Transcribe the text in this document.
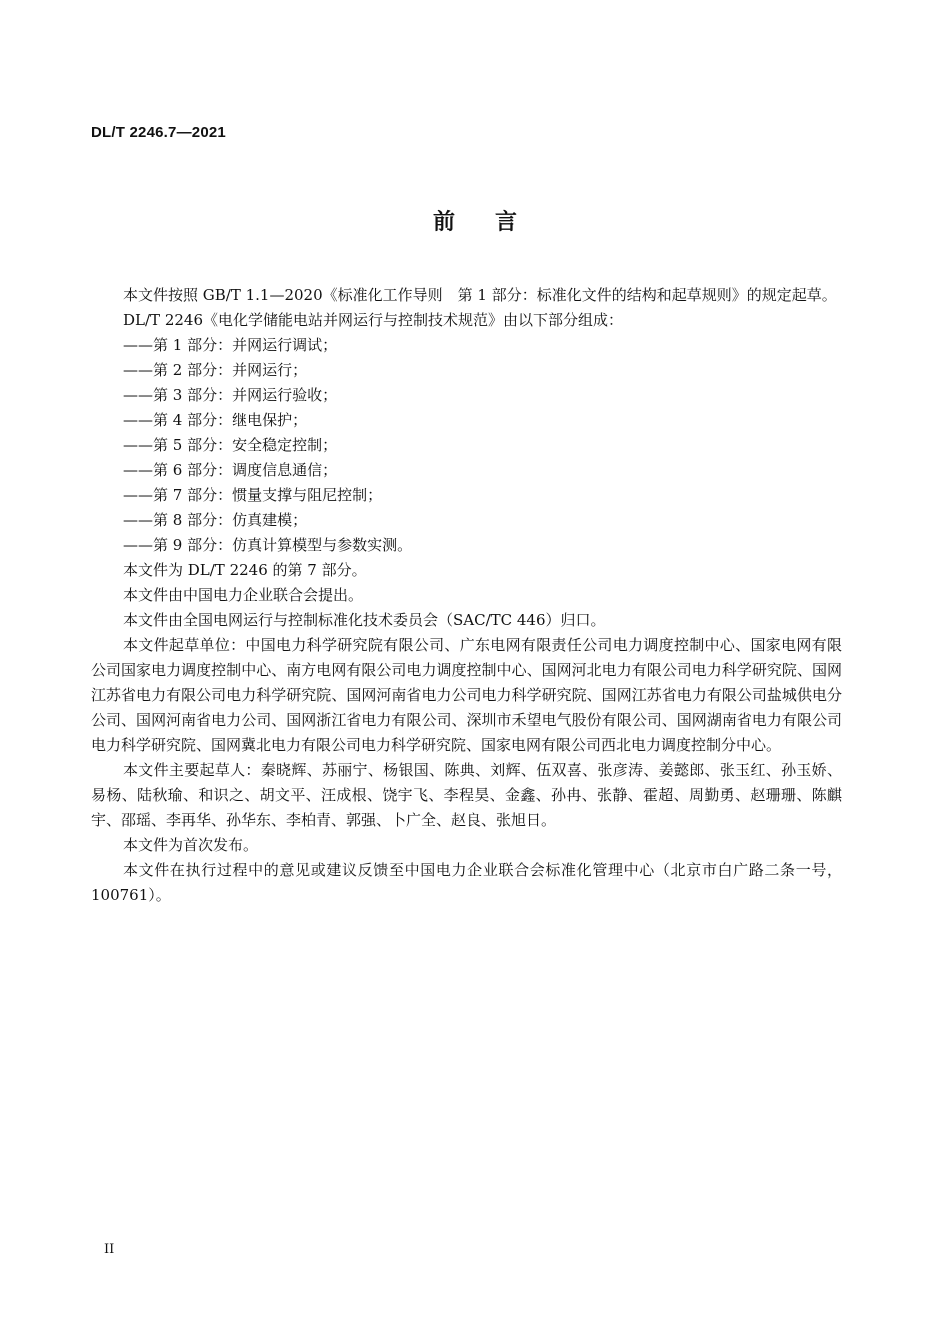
DL/T 2246.7—2021
前言

本文件按照 GB/T 1.1—2020《标准化工作导则　第 1 部分：标准化文件的结构和起草规则》的规定起草。

DL/T 2246《电化学储能电站并网运行与控制技术规范》由以下部分组成：

——第 1 部分：并网运行调试；

——第 2 部分：并网运行；

——第 3 部分：并网运行验收；

——第 4 部分：继电保护；

——第 5 部分：安全稳定控制；

——第 6 部分：调度信息通信；

——第 7 部分：惯量支撑与阻尼控制；

——第 8 部分：仿真建模；

——第 9 部分：仿真计算模型与参数实测。

本文件为 DL/T 2246 的第 7 部分。

本文件由中国电力企业联合会提出。

本文件由全国电网运行与控制标准化技术委员会（SAC/TC 446）归口。

本文件起草单位：中国电力科学研究院有限公司、广东电网有限责任公司电力调度控制中心、国家电网有限公司国家电力调度控制中心、南方电网有限公司电力调度控制中心、国网河北电力有限公司电力科学研究院、国网江苏省电力有限公司电力科学研究院、国网河南省电力公司电力科学研究院、国网江苏省电力有限公司盐城供电分公司、国网河南省电力公司、国网浙江省电力有限公司、深圳市禾望电气股份有限公司、国网湖南省电力有限公司电力科学研究院、国网冀北电力有限公司电力科学研究院、国家电网有限公司西北电力调度控制分中心。

本文件主要起草人：秦晓辉、苏丽宁、杨银国、陈典、刘辉、伍双喜、张彦涛、姜懿郎、张玉红、孙玉娇、易杨、陆秋瑜、和识之、胡文平、汪成根、饶宇飞、李程昊、金鑫、孙冉、张静、霍超、周勤勇、赵珊珊、陈麒宇、邵瑶、李再华、孙华东、李柏青、郭强、卜广全、赵良、张旭日。

本文件为首次发布。

本文件在执行过程中的意见或建议反馈至中国电力企业联合会标准化管理中心（北京市白广路二条一号，100761）。

II
